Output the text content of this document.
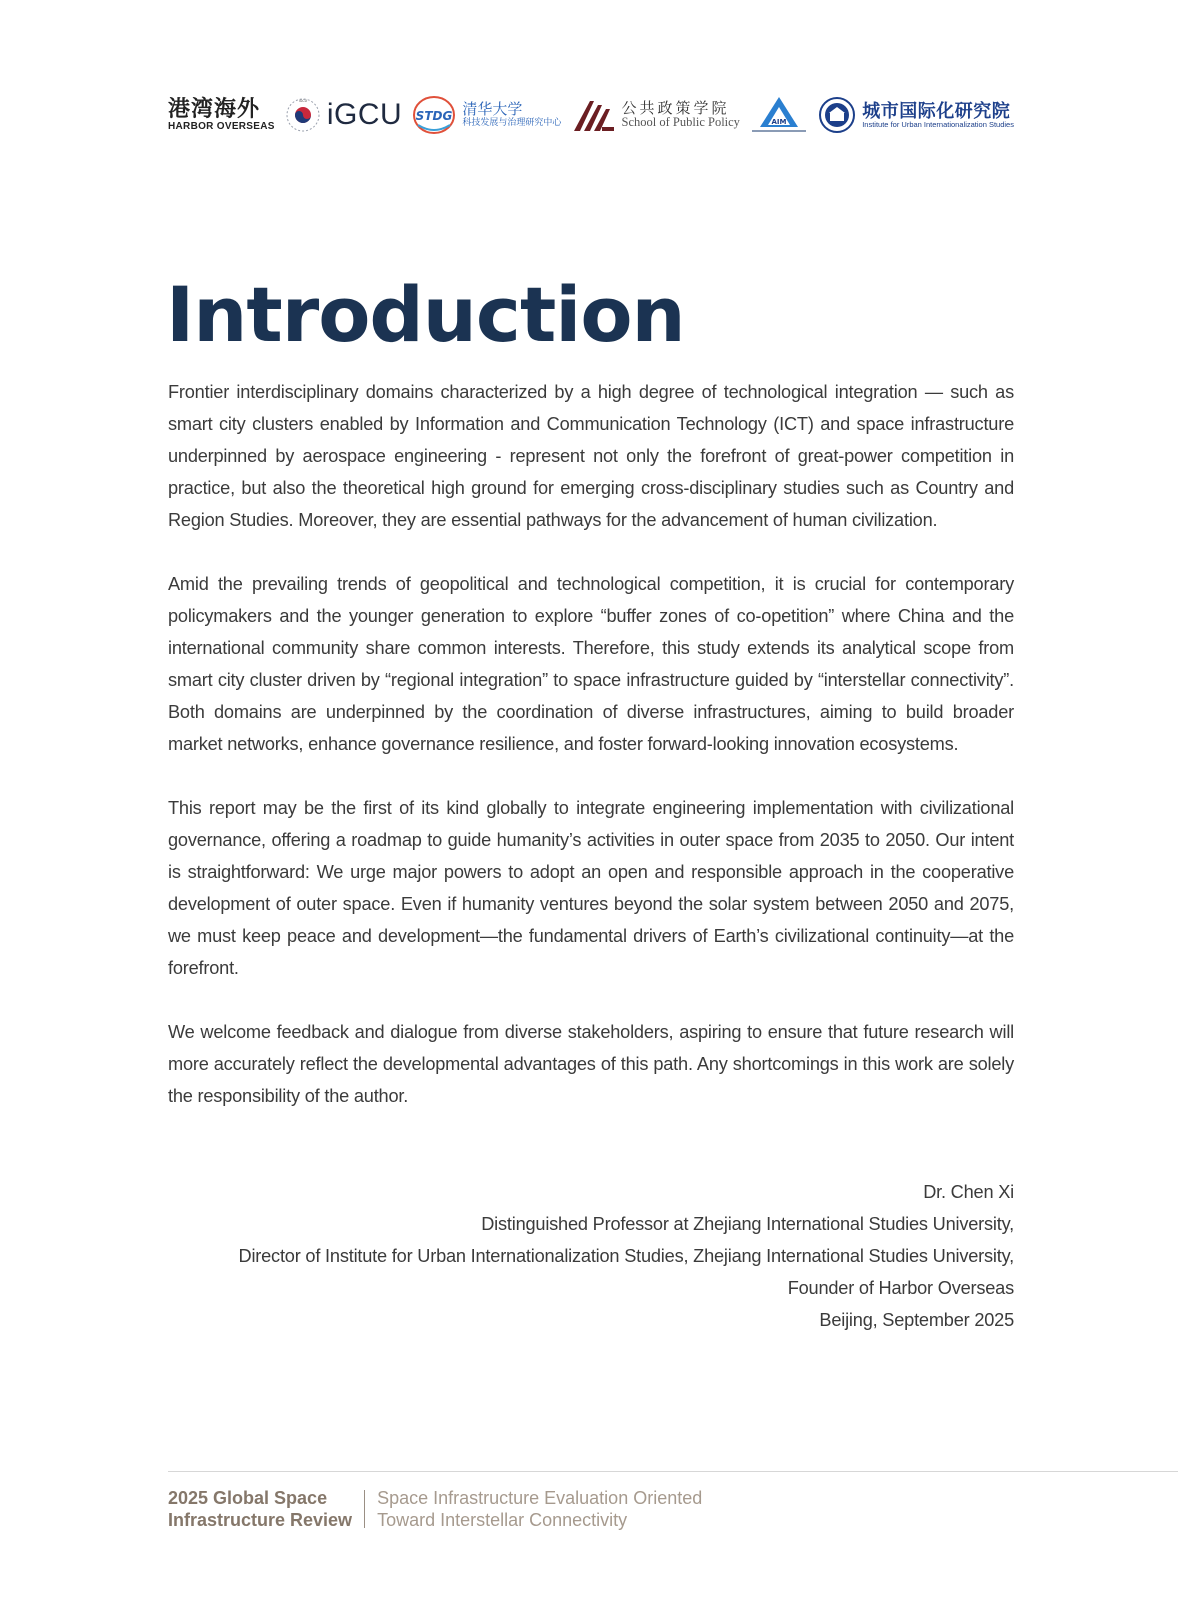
港湾海外
HARBOR OVERSEAS
iGCU iGCU STDG 清华大学
科技发展与治理研究中心
公共政策学院
School of Public Policy	AIM
城市国际化研究院
Institute for Urban Internationalization Studies
Introduction

Frontier interdisciplinary domains characterized by a high degree of technological integration — such as smart city clusters enabled by Information and Communication Technology (ICT) and space infrastructure underpinned by aerospace engineering - represent not only the forefront of great-power competition in practice, but also the theoretical high ground for emerging cross-disciplinary studies such as Country and Region Studies. Moreover, they are essential pathways for the advancement of human civilization.

Amid the prevailing trends of geopolitical and technological competition, it is crucial for contemporary policymakers and the younger generation to explore “buffer zones of co-opetition” where China and the international community share common interests. Therefore, this study extends its analytical scope from smart city cluster driven by “regional integration” to space infrastructure guided by “interstellar connectivity”. Both domains are underpinned by the coordination of diverse infrastructures, aiming to build broader market networks, enhance governance resilience, and foster forward-looking innovation ecosystems.

This report may be the first of its kind globally to integrate engineering implementation with civilizational governance, offering a roadmap to guide humanity’s activities in outer space from 2035 to 2050. Our intent is straightforward: We urge major powers to adopt an open and responsible approach in the cooperative development of outer space. Even if humanity ventures beyond the solar system between 2050 and 2075, we must keep peace and development—the fundamental drivers of Earth’s civilizational continuity—at the forefront.

We welcome feedback and dialogue from diverse stakeholders, aspiring to ensure that future research will more accurately reflect the developmental advantages of this path. Any shortcomings in this work are solely the responsibility of the author.

Dr. Chen Xi
Distinguished Professor at Zhejiang International Studies University,
Director of Institute for Urban Internationalization Studies, Zhejiang International Studies University,
Founder of Harbor Overseas
Beijing, September 2025
2025 Global Space
Infrastructure Review
Space Infrastructure Evaluation Oriented
Toward Interstellar Connectivity
